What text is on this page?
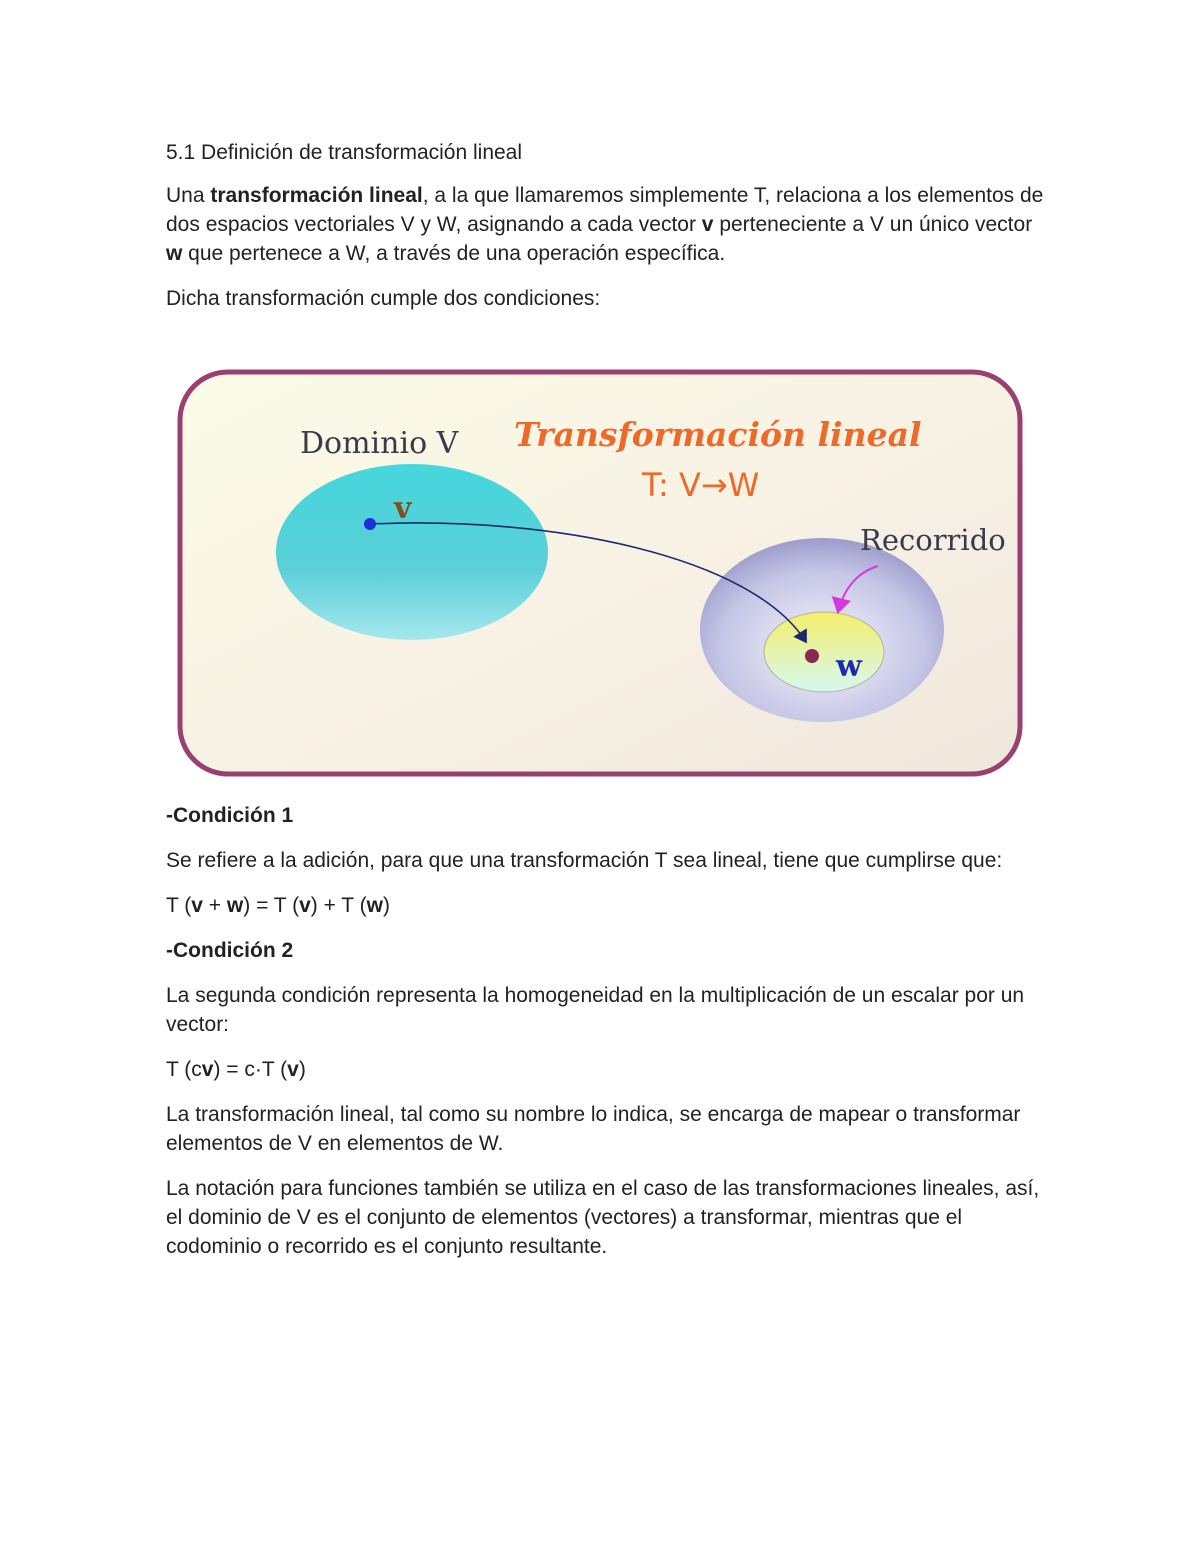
5.1 Definición de transformación lineal

Una transformación lineal, a la que llamaremos simplemente T, relaciona a los elementos de dos espacios vectoriales V y W, asignando a cada vector v perteneciente a V un único vector w que pertenece a W, a través de una operación específica.

Dicha transformación cumple dos condiciones:

Dominio V Transformación lineal
T: V→W
v
Recorrido
w

-Condición 1

Se refiere a la adición, para que una transformación T sea lineal, tiene que cumplirse que:

T (v + w) = T (v) + T (w)

-Condición 2

La segunda condición representa la homogeneidad en la multiplicación de un escalar por un vector:

T (cv) = c·T (v)

La transformación lineal, tal como su nombre lo indica, se encarga de mapear o transformar elementos de V en elementos de W.

La notación para funciones también se utiliza en el caso de las transformaciones lineales, así, el dominio de V es el conjunto de elementos (vectores) a transformar, mientras que el codominio o recorrido es el conjunto resultante.
